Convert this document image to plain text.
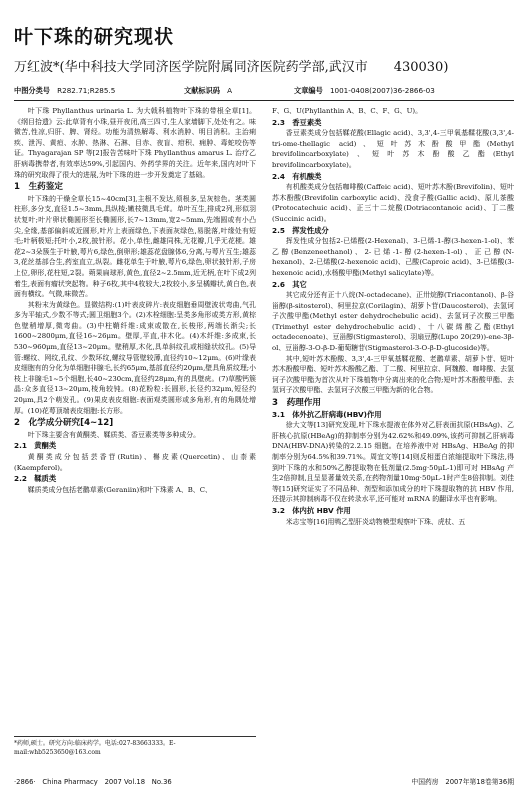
叶下珠的研究现状
万红波*(华中科技大学同济医学院附属同济医院药学部,武汉市　　430030)
中图分类号　 R282.71;R285.5	文献标识码　 A	文章编号　 1001-0408(2007)36-2866-03

叶下珠 Phyllanthus urinaria L. 为大戟科植物叶下珠的带根全草[1]。《纲目拾遗》云:此草背有小珠,昼开夜闭,高三四寸,生人家墙脚下,处处有之。味微苦,性凉,归肝、脾、肾经。功能为清热解毒、利水消肿、明目消积。主治痢疾、泄泻、黄疸、水肿、热淋、石淋、目赤、夜盲、疳积、痈肿、毒蛇咬伤等证。Thyagarajan SP 等[2]报告苦味叶下珠 Phyllanthus amarus L. 治疗乙肝病毒携带者,有效率达59%,引起国内、外药学界的关注。近年来,国内对叶下珠的研究取得了很大的进展,为叶下珠的进一步开发奠定了基础。

1　生药鉴定

叶下珠的干燥全草长15~40cm[3],主根不发达,须根多,呈灰棕色。茎类圆柱形,多分支,直径1.5~3mm,具纵棱;嫩枝微具毛茸。单叶互生,排成2列,形似羽状复叶;叶片卵状椭圆形至长椭圆形,长7~13mm,宽2~5mm,先端圆或有小凸尖,全缘,基部偏斜或近圆形,叶片上表面绿色,下表面灰绿色,易脱落,叶缘处有短毛;叶柄极短;托叶小,2枚,披针形。花小,单性,雌雄同株,无花瓣,几乎无花梗。雄花2~3朵簇生于叶腋,萼片6,绿色,倒卵形;雄蕊花盘腺体6,分离,与萼片互生;雄蕊3,花丝基部合生,药室直立,纵裂。雌花单生于叶腋,萼片6,绿色,卵状披针形,子房上位,卵形,花柱短,2裂。蒴果扁球形,黄色,直径2~2.5mm,近无柄,在叶下成2列着生,表面有瘤状突起物。种子6枚,其中4枚较大,2枚较小,多呈橘瓣状,黄白色,表面有横纹。气微,味微苦。

其粉末为黄绿色。显微结构:(1)叶表皮碎片:表皮细胞垂周壁波状弯曲,气孔多为平轴式,少数不等式;圆卫细胞3个。(2)木栓细胞:呈类多角形或类方形,黄棕色壁稍增厚,微弯曲。(3)中柱鞘纤维:成束或散在,长梭形,两端长渐尖;长1600~2800μm,直径16~26μm。壁厚,平直,非木化。(4)木纤维:多成束,长530~960μm,直径13~20μm。壁稍厚,木化,具单斜纹孔或相缝状纹孔。(5)导管:螺纹、网纹,孔纹、少数环纹,螺纹导管壁较薄,直径约10~12μm。(6)叶缘表皮细胞有的分化为单细胞非腺毛,长约65μm,基部直径约20μm,壁具角质纹理;小枝上非腺毛1~5个细胞,长40~230cm,直径约28μm,有的具壁疣。(7)草酸钙簇晶:众多直径13~20μm,棱角较钝。(8)花粉粒:长圆形,长径约32μm,短径约20μm,具2个萌发孔。(9)果皮表皮细胞:表面观类圆形或多角形,有的角隅处增厚。(10)花萼顶端表皮细胞:长方形。

2　化学成分研究[4~12]

叶下珠主要含有黄酮类、鞣质类、香豆素类等多种成分。

2.1　黄酮类

黄酮类成分包括芸香苷(Rutin)、槲皮素(Quercetin)、山柰素(Kaempferol)。

2.2　鞣质类

鞣质类成分包括老鹳草素(Geraniin)和叶下珠素 A、B、C、

*药师,硕士。研究方向:临床药学。电话:027-83663333。E-mail:whb5253650@163.com

F、G、U(Phyllanthin A、B、C、F、G、U)。

2.3　香豆素类

香豆素类成分包括鞣花酸(Ellagic acid)、3,3',4-三甲氧基鞣花酸(3,3',4-tri-ome-thellagic acid)、短叶苏木酚酸甲酯(Methyl brevifolincarboxylate)、短叶苏木酚酸乙酯(Ethyl brevifolincarboxylate)。

2.4　有机酸类

有机酸类成分包括咖啡酸(Caffeic acid)、短叶苏木酚(Brevifolin)、短叶苏木酚酸(Brevifolin carboxylic acid)、没食子酸(Gallic acid)、原儿茶酸(Protocatechuic acid)、正三十二烷酸(Dotriacontanoic acid)、丁二酸(Succinic acid)。

2.5　挥发性成分

挥发性成分包括2-已烯醛(2-Hexenal)、3-已烯-1-醇(3-hexen-1-ol)、苯乙醇(Benzeneethanol)、2-已烯-1-醇(2-hexen-1-ol)、正己醇(N-hexanol)、2-已烯酸(2-hexenoic acid)、己酸(Caproic acid)、3-已烯酸(3-hexenoic acid),水杨酸甲酯(Methyl salicylate)等。

2.6　其它

其它成分还有正十八烷(N-octadecane)、正卅烷醇(Triacontanol)、β-谷甾醇(β-sitosterol)、柯里拉京(Corilagin)、胡萝卜苷(Daucosterol)、去氢诃子次酸甲酯(Methyl ester dehydrochebulic acid)、去氢诃子次酸三甲酯(Trimethyl ester dehydrochebulic acid)、十八碳烯酸乙酯(Ethyl octadecenoate)、豆甾醇(Stigmasterol)、羽扇豆醇(Lupo 20(29))-ene-3β-ol、豆甾醇-3-O-β-D-葡萄糖苷(Stigmasterol-3-O-β-D-glucoside)等。

其中,短叶苏木酚酸、3,3',4-三甲氧基鞣花酸、老鹳草素、胡萝卜苷、短叶苏木酚酸甲酯、短叶苏木酚酸乙酯、丁二酸、柯里拉京、阿魏酸、咖啡酸、去氢诃子次酸甲酯为首次从叶下珠植物中分离出来的化合物;短叶苏木酚酸甲酯、去氢诃子次酸甲酯、去氢诃子次酸三甲酯为新的化合物。

3　药理作用
3.1　体外抗乙肝病毒(HBV)作用

徐大文等[13]研究发现,叶下珠水提液在体外对乙肝表面抗原(HBsAg)、乙肝核心抗原(HBeAg)的抑制率分别为42.62%和49.09%,该药可抑制乙肝病毒 DNA(HBV-DNA)转染的2.2.15 细胞。在培养液中对 HBsAg、HBeAg 的抑制率分别为64.5%和39.71%。周宜文等[14]则反相蛋白浓缩提取叶下珠法,得到叶下珠的水和50%乙醇提取物在低剂量(2.5mg·50μL-1)即可对 HBsAg 产生2倍抑制,且呈显著量效关系,在药物剂量10mg·50μL-1时产生8倍抑制。刘佳等[15]研究证实了不同品种、剂型和添加成分的叶下珠提取物的抗 HBV 作用,还提示其抑制病毒不仅在转录水平,还可能对 mRNA 的翻译水平也有影响。

3.2　体内抗 HBV 作用

米志宝等[16]用鸭乙型肝炎动物模型观察叶下珠、虎杖、五

·2866·　China Pharmacy　2007 Vol.18　No.36	中国药房　2007年第18卷第36期
